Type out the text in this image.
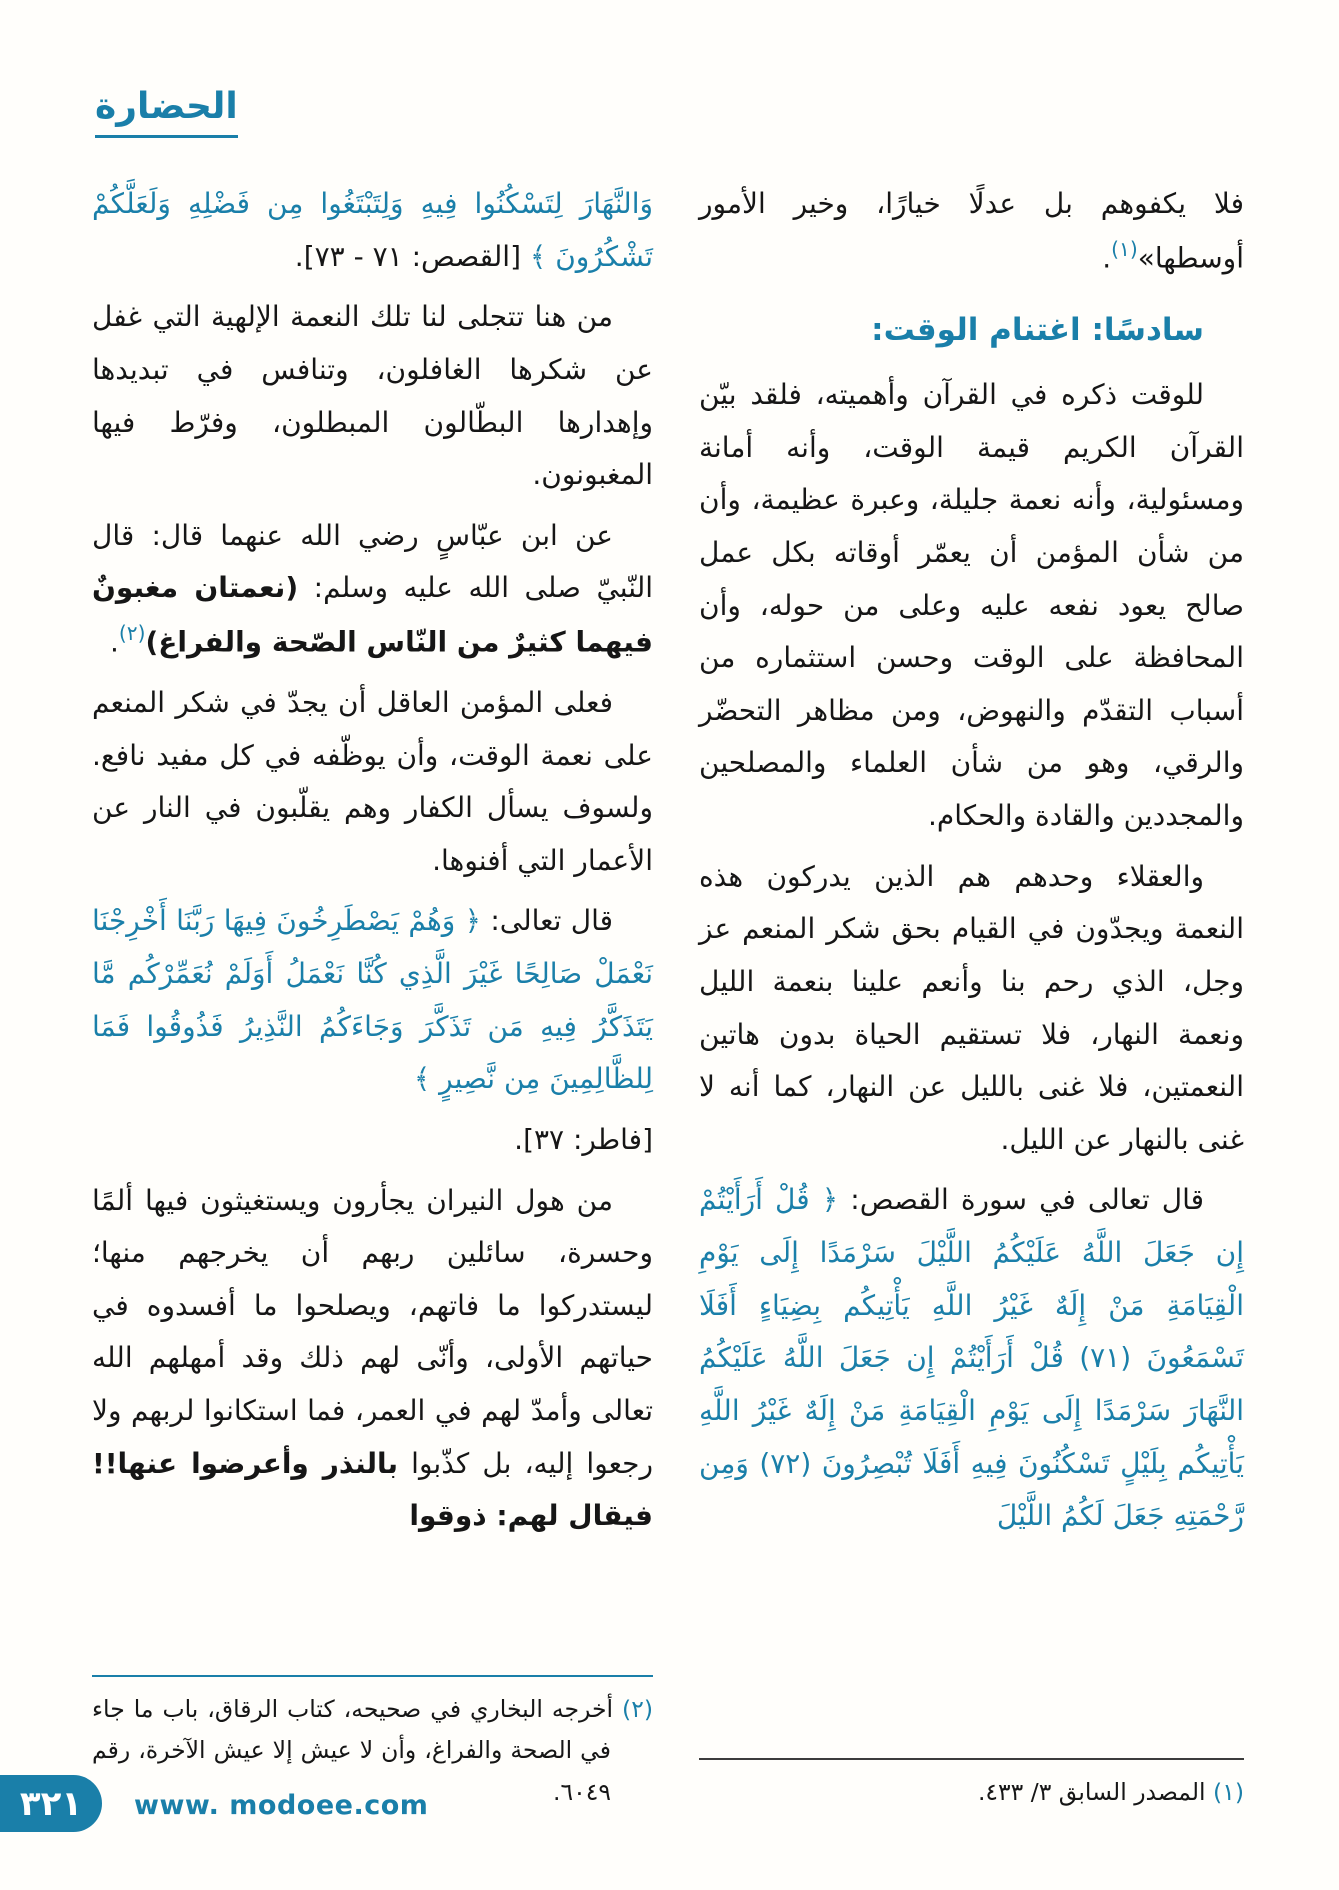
الحضارة

فلا يكفوهم بل عدلًا خيارًا، وخير الأمور أوسطها»$^{(١)}$.

سادسًا: اغتنام الوقت:

للوقت ذكره في القرآن وأهميته، فلقد بيّن القرآن الكريم قيمة الوقت، وأنه أمانة ومسئولية، وأنه نعمة جليلة، وعبرة عظيمة، وأن من شأن المؤمن أن يعمّر أوقاته بكل عمل صالح يعود نفعه عليه وعلى من حوله، وأن المحافظة على الوقت وحسن استثماره من أسباب التقدّم والنهوض، ومن مظاهر التحضّر والرقي، وهو من شأن العلماء والمصلحين والمجددين والقادة والحكام.

والعقلاء وحدهم هم الذين يدركون هذه النعمة ويجدّون في القيام بحق شكر المنعم عز وجل، الذي رحم بنا وأنعم علينا بنعمة الليل ونعمة النهار، فلا تستقيم الحياة بدون هاتين النعمتين، فلا غنى بالليل عن النهار، كما أنه لا غنى بالنهار عن الليل.

قال تعالى في سورة القصص: ﴿ قُلْ أَرَأَيْتُمْ إِن جَعَلَ اللَّهُ عَلَيْكُمُ اللَّيْلَ سَرْمَدًا إِلَى يَوْمِ الْقِيَامَةِ مَنْ إِلَهٌ غَيْرُ اللَّهِ يَأْتِيكُم بِضِيَاءٍ أَفَلَا تَسْمَعُونَ (٧١) قُلْ أَرَأَيْتُمْ إِن جَعَلَ اللَّهُ عَلَيْكُمُ النَّهَارَ سَرْمَدًا إِلَى يَوْمِ الْقِيَامَةِ مَنْ إِلَهٌ غَيْرُ اللَّهِ يَأْتِيكُم بِلَيْلٍ تَسْكُنُونَ فِيهِ أَفَلَا تُبْصِرُونَ (٧٢) وَمِن رَّحْمَتِهِ جَعَلَ لَكُمُ اللَّيْلَ

(١) المصدر السابق ٣/ ٤٣٣.

وَالنَّهَارَ لِتَسْكُنُوا فِيهِ وَلِتَبْتَغُوا مِن فَضْلِهِ وَلَعَلَّكُمْ تَشْكُرُونَ ﴾ [القصص: ٧١ - ٧٣].

من هنا تتجلى لنا تلك النعمة الإلهية التي غفل عن شكرها الغافلون، وتنافس في تبديدها وإهدارها البطّالون المبطلون، وفرّط فيها المغبونون.

عن ابن عبّاسٍ رضي الله عنهما قال: قال النّبيّ صلى الله عليه وسلم: (نعمتان مغبونٌ فيهما كثيرٌ من النّاس الصّحة والفراغ)$^{(٢)}$.

فعلى المؤمن العاقل أن يجدّ في شكر المنعم على نعمة الوقت، وأن يوظّفه في كل مفيد نافع. ولسوف يسأل الكفار وهم يقلّبون في النار عن الأعمار التي أفنوها.

قال تعالى: ﴿ وَهُمْ يَصْطَرِخُونَ فِيهَا رَبَّنَا أَخْرِجْنَا نَعْمَلْ صَالِحًا غَيْرَ الَّذِي كُنَّا نَعْمَلُ أَوَلَمْ نُعَمِّرْكُم مَّا يَتَذَكَّرُ فِيهِ مَن تَذَكَّرَ وَجَاءَكُمُ النَّذِيرُ فَذُوقُوا فَمَا لِلظَّالِمِينَ مِن نَّصِيرٍ ﴾

[فاطر: ٣٧].

من هول النيران يجأرون ويستغيثون فيها ألمًا وحسرة، سائلين ربهم أن يخرجهم منها؛ ليستدركوا ما فاتهم، ويصلحوا ما أفسدوه في حياتهم الأولى، وأنّى لهم ذلك وقد أمهلهم الله تعالى وأمدّ لهم في العمر، فما استكانوا لربهم ولا رجعوا إليه، بل كذّبوا بالنذر وأعرضوا عنها!! فيقال لهم: ذوقوا

(٢) أخرجه البخاري في صحيحه، كتاب الرقاق، باب ما جاء في الصحة والفراغ، وأن لا عيش إلا عيش الآخرة، رقم ٦٠٤٩.
٣٢١ www. modoee.com
